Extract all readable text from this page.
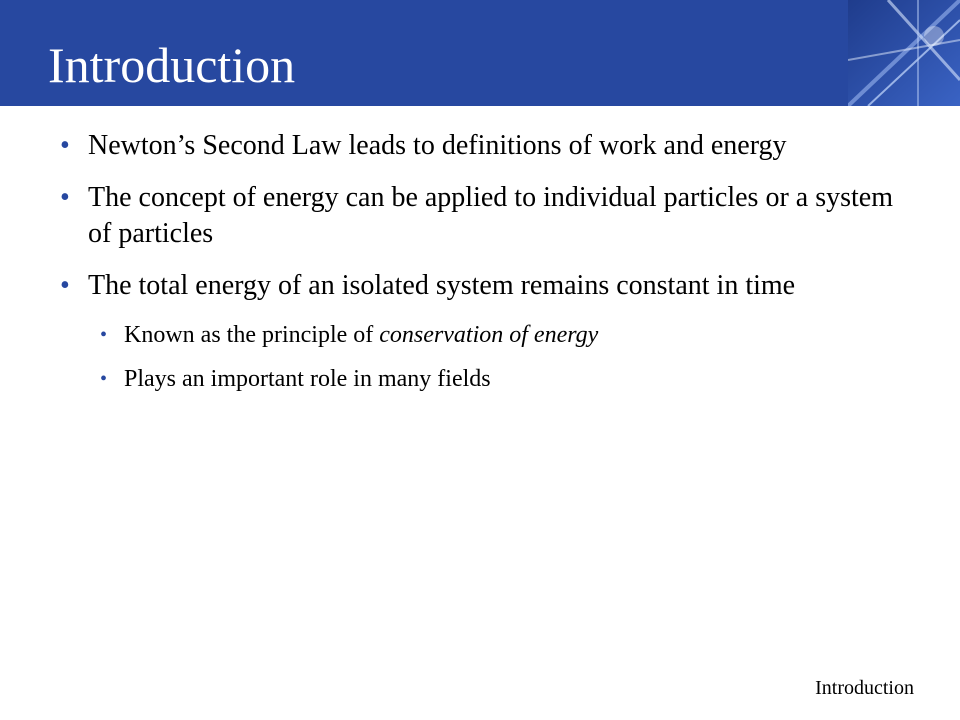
Introduction
• Newton’s Second Law leads to definitions of work and energy
• The concept of energy can be applied to individual particles or a system of particles
• The total energy of an isolated system remains constant in time
• Known as the principle of conservation of energy
• Plays an important role in many fields
Introduction
